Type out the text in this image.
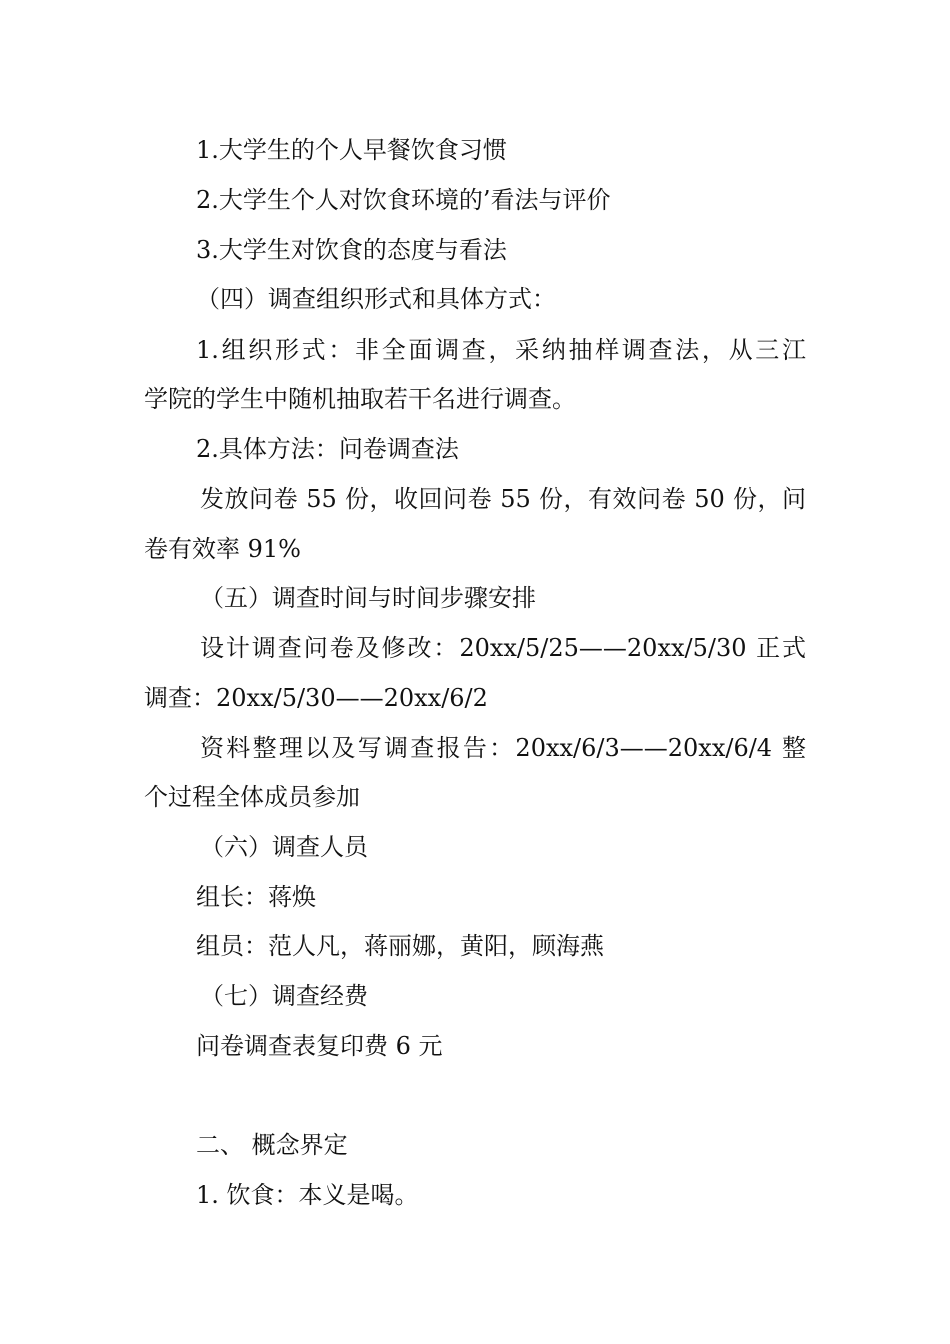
1.大学生的个人早餐饮食习惯
2.大学生个人对饮食环境的’看法与评价
3.大学生对饮食的态度与看法
（四）调查组织形式和具体方式：
1.组织形式：非全面调查，采纳抽样调查法，从三江
学院的学生中随机抽取若干名进行调查。
2.具体方法：问卷调查法
发放问卷 55 份，收回问卷 55 份，有效问卷 50 份，问
卷有效率 91%
（五）调查时间与时间步骤安排
设计调查问卷及修改：20xx/5/25——20xx/5/30 正式
调查：20xx/5/30——20xx/6/2
资料整理以及写调查报告：20xx/6/3——20xx/6/4 整
个过程全体成员参加
（六）调查人员
组长：蒋焕
组员：范人凡，蒋丽娜，黄阳，顾海燕
（七）调查经费
问卷调查表复印费 6 元
二、 概念界定
1. 饮食：本义是喝。
